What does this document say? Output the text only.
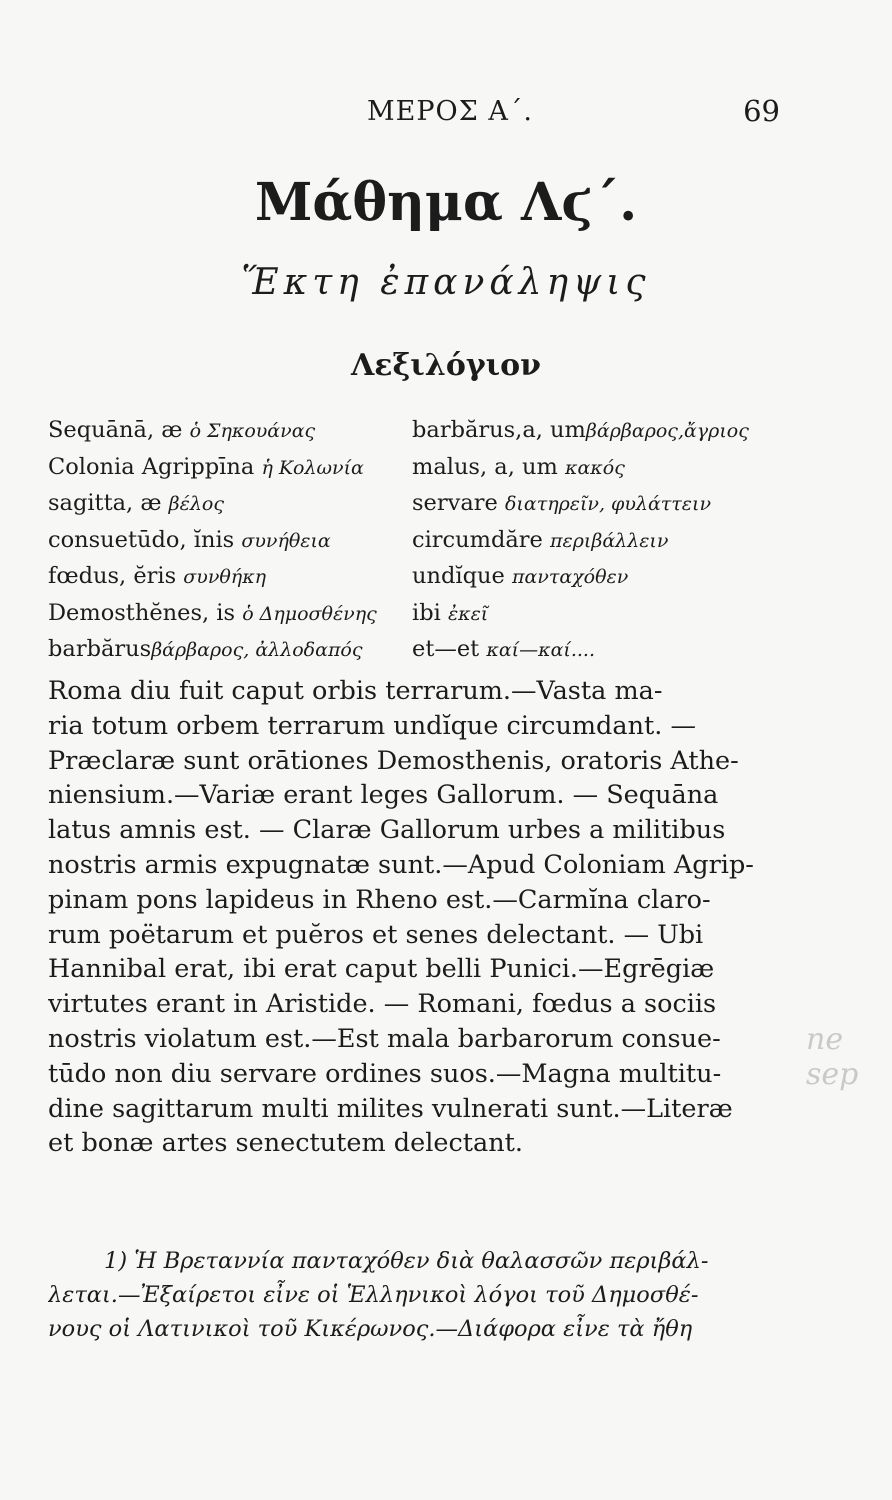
ΜΕΡΟΣ Α΄.	69
Μάθημα Λϛ΄.
Ἕκτη ἐπανάληψις
Λεξιλόγιον
Sequānā, æ ὁ Σηκουάνας
Colonia Agrippīna ἡ Κολωνία
sagitta, æ βέλος
consuetūdo, ĭnis συνήθεια
fœdus, ĕris συνθήκη
Demosthĕnes, is ὁ Δημοσθένης
barbărusβάρβαρος, ἀλλοδαπός
barbărus,a, umβάρβαρος,ἄγριος
malus, a, um κακός
servare διατηρεῖν, φυλάττειν
circumdăre περιβάλλειν
undĭque πανταχόθεν
ibi ἐκεῖ
et—et καί—καί....

Roma diu fuit caput orbis terrarum.—Vasta ma-
ria totum orbem terrarum undĭque circumdant. —
Præclaræ sunt orātiones Demosthenis, oratoris Athe-
niensium.—Variæ erant leges Gallorum. — Sequāna
latus amnis est. — Claræ Gallorum urbes a militibus
nostris armis expugnatæ sunt.—Apud Coloniam Agrip-
pinam pons lapideus in Rheno est.—Carmĭna claro-
rum poëtarum et puĕros et senes delectant. — Ubi
Hannibal erat, ibi erat caput belli Punici.—Egrēgiæ
virtutes erant in Aristide. — Romani, fœdus a sociis
nostris violatum est.—Est mala barbarorum consue-
tūdo non diu servare ordines suos.—Magna multitu-
dine sagittarum multi milites vulnerati sunt.—Literæ
et bonæ artes senectutem delectant.

1) Ἡ Βρεταννία πανταχόθεν διὰ θαλασσῶν περιβάλ-
λεται.—Ἐξαίρετοι εἶνε οἱ Ἑλληνικοὶ λόγοι τοῦ Δημοσθέ-
νους οἱ Λατινικοὶ τοῦ Κικέρωνος.—Διάφορα εἶνε τὰ ἤθη

ne sep
